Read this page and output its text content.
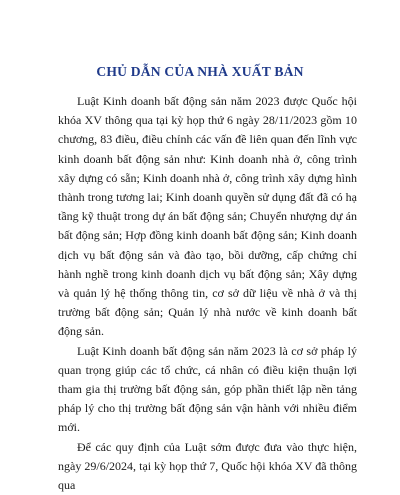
CHỦ DẪN CỦA NHÀ XUẤT BẢN

Luật Kinh doanh bất động sản năm 2023 được Quốc hội khóa XV thông qua tại kỳ họp thứ 6 ngày 28/11/2023 gồm 10 chương, 83 điều, điều chỉnh các vấn đề liên quan đến lĩnh vực kinh doanh bất động sản như: Kinh doanh nhà ở, công trình xây dựng có sẵn; Kinh doanh nhà ở, công trình xây dựng hình thành trong tương lai; Kinh doanh quyền sử dụng đất đã có hạ tầng kỹ thuật trong dự án bất động sản; Chuyển nhượng dự án bất động sản; Hợp đồng kinh doanh bất động sản; Kinh doanh dịch vụ bất động sản và đào tạo, bồi dưỡng, cấp chứng chỉ hành nghề trong kinh doanh dịch vụ bất động sản; Xây dựng và quản lý hệ thống thông tin, cơ sở dữ liệu về nhà ở và thị trường bất động sản; Quản lý nhà nước về kinh doanh bất động sản.

Luật Kinh doanh bất động sản năm 2023 là cơ sở pháp lý quan trọng giúp các tổ chức, cá nhân có điều kiện thuận lợi tham gia thị trường bất động sản, góp phần thiết lập nền tảng pháp lý cho thị trường bất động sản vận hành với nhiều điểm mới.

Để các quy định của Luật sớm được đưa vào thực hiện, ngày 29/6/2024, tại kỳ họp thứ 7, Quốc hội khóa XV đã thông qua
